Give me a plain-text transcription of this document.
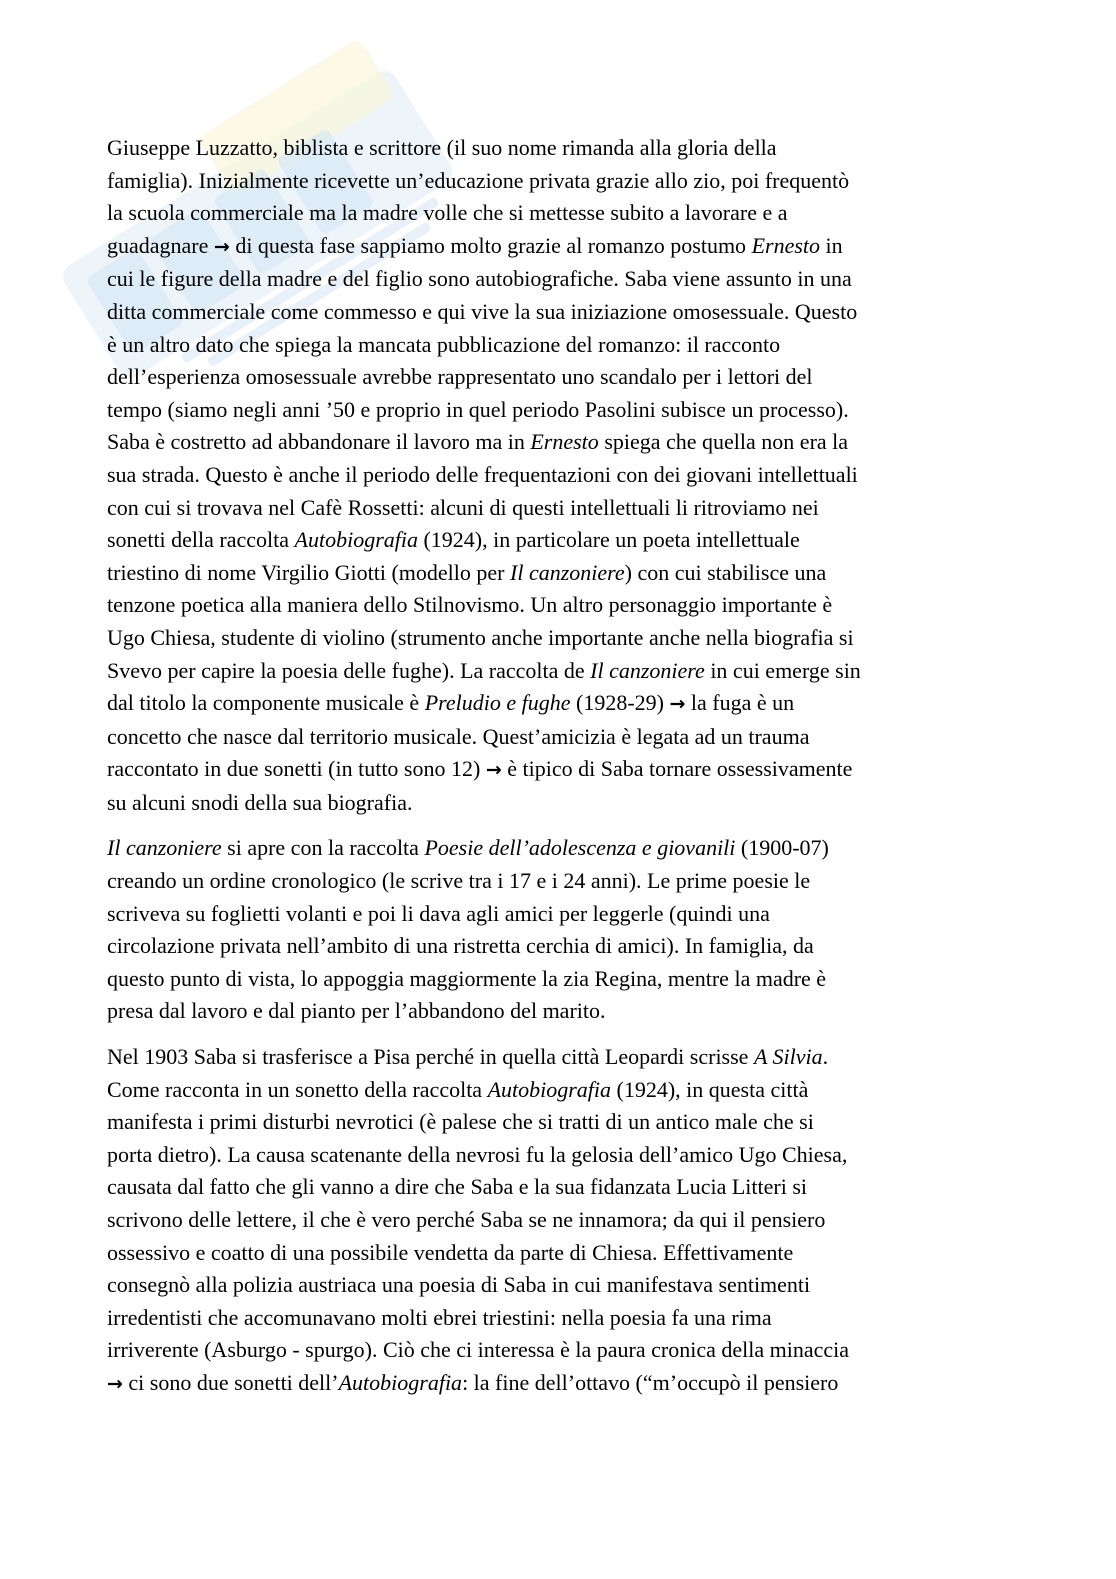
Giuseppe Luzzatto, biblista e scrittore (il suo nome rimanda alla gloria della
famiglia). Inizialmente ricevette un’educazione privata grazie allo zio, poi frequentò
la scuola commerciale ma la madre volle che si mettesse subito a lavorare e a
guadagnare → di questa fase sappiamo molto grazie al romanzo postumo Ernesto in
cui le figure della madre e del figlio sono autobiografiche. Saba viene assunto in una
ditta commerciale come commesso e qui vive la sua iniziazione omosessuale. Questo
è un altro dato che spiega la mancata pubblicazione del romanzo: il racconto
dell’esperienza omosessuale avrebbe rappresentato uno scandalo per i lettori del
tempo (siamo negli anni ’50 e proprio in quel periodo Pasolini subisce un processo).
Saba è costretto ad abbandonare il lavoro ma in Ernesto spiega che quella non era la
sua strada. Questo è anche il periodo delle frequentazioni con dei giovani intellettuali
con cui si trovava nel Cafè Rossetti: alcuni di questi intellettuali li ritroviamo nei
sonetti della raccolta Autobiografia (1924), in particolare un poeta intellettuale
triestino di nome Virgilio Giotti (modello per Il canzoniere) con cui stabilisce una
tenzone poetica alla maniera dello Stilnovismo. Un altro personaggio importante è
Ugo Chiesa, studente di violino (strumento anche importante anche nella biografia si
Svevo per capire la poesia delle fughe). La raccolta de Il canzoniere in cui emerge sin
dal titolo la componente musicale è Preludio e fughe (1928-29) → la fuga è un
concetto che nasce dal territorio musicale. Quest’amicizia è legata ad un trauma
raccontato in due sonetti (in tutto sono 12) → è tipico di Saba tornare ossessivamente
su alcuni snodi della sua biografia.

Il canzoniere si apre con la raccolta Poesie dell’adolescenza e giovanili (1900-07)
creando un ordine cronologico (le scrive tra i 17 e i 24 anni). Le prime poesie le
scriveva su foglietti volanti e poi li dava agli amici per leggerle (quindi una
circolazione privata nell’ambito di una ristretta cerchia di amici). In famiglia, da
questo punto di vista, lo appoggia maggiormente la zia Regina, mentre la madre è
presa dal lavoro e dal pianto per l’abbandono del marito.

Nel 1903 Saba si trasferisce a Pisa perché in quella città Leopardi scrisse A Silvia.
Come racconta in un sonetto della raccolta Autobiografia (1924), in questa città
manifesta i primi disturbi nevrotici (è palese che si tratti di un antico male che si
porta dietro). La causa scatenante della nevrosi fu la gelosia dell’amico Ugo Chiesa,
causata dal fatto che gli vanno a dire che Saba e la sua fidanzata Lucia Litteri si
scrivono delle lettere, il che è vero perché Saba se ne innamora; da qui il pensiero
ossessivo e coatto di una possibile vendetta da parte di Chiesa. Effettivamente
consegnò alla polizia austriaca una poesia di Saba in cui manifestava sentimenti
irredentisti che accomunavano molti ebrei triestini: nella poesia fa una rima
irriverente (Asburgo - spurgo). Ciò che ci interessa è la paura cronica della minaccia
→ ci sono due sonetti dell’Autobiografia: la fine dell’ottavo (“m’occupò il pensiero
